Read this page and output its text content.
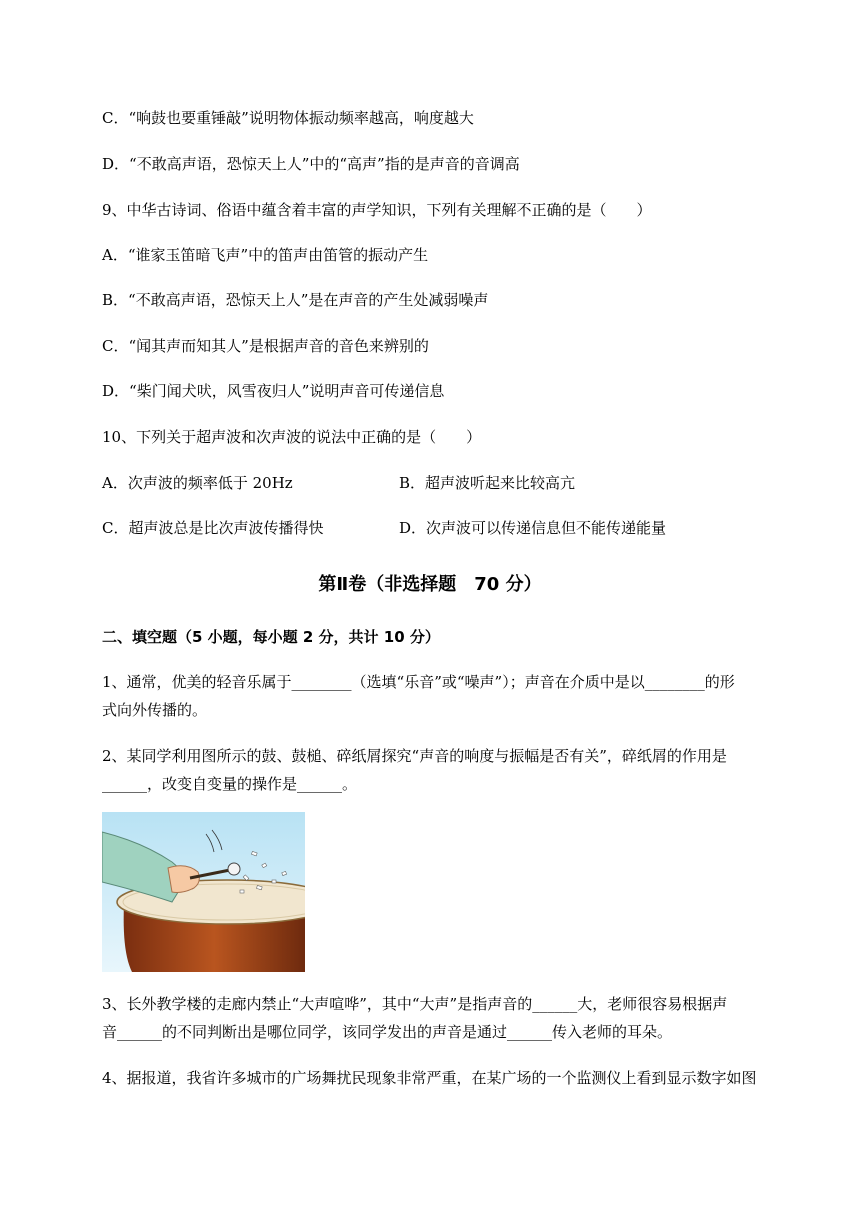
C．“响鼓也要重锤敲”说明物体振动频率越高，响度越大
D．“不敢高声语，恐惊天上人”中的“高声”指的是声音的音调高
9、中华古诗词、俗语中蕴含着丰富的声学知识，下列有关理解不正确的是（　　）
A．“谁家玉笛暗飞声”中的笛声由笛管的振动产生
B．“不敢高声语，恐惊天上人”是在声音的产生处减弱噪声
C．“闻其声而知其人”是根据声音的音色来辨别的
D．“柴门闻犬吠，风雪夜归人”说明声音可传递信息
10、下列关于超声波和次声波的说法中正确的是（　　）
A．次声波的频率低于 20Hz	B．超声波听起来比较高亢
C．超声波总是比次声波传播得快	D．次声波可以传递信息但不能传递能量
第Ⅱ卷（非选择题　70 分）
二、填空题（5 小题，每小题 2 分，共计 10 分）
1、通常，优美的轻音乐属于________（选填“乐音”或“噪声”）；声音在介质中是以________的形
式向外传播的。
2、某同学利用图所示的鼓、鼓槌、碎纸屑探究“声音的响度与振幅是否有关”，碎纸屑的作用是
______，改变自变量的操作是______。
3、长外教学楼的走廊内禁止“大声喧哗”，其中“大声”是指声音的______大，老师很容易根据声
音______的不同判断出是哪位同学，该同学发出的声音是通过______传入老师的耳朵。
4、据报道，我省许多城市的广场舞扰民现象非常严重，在某广场的一个监测仪上看到显示数字如图
